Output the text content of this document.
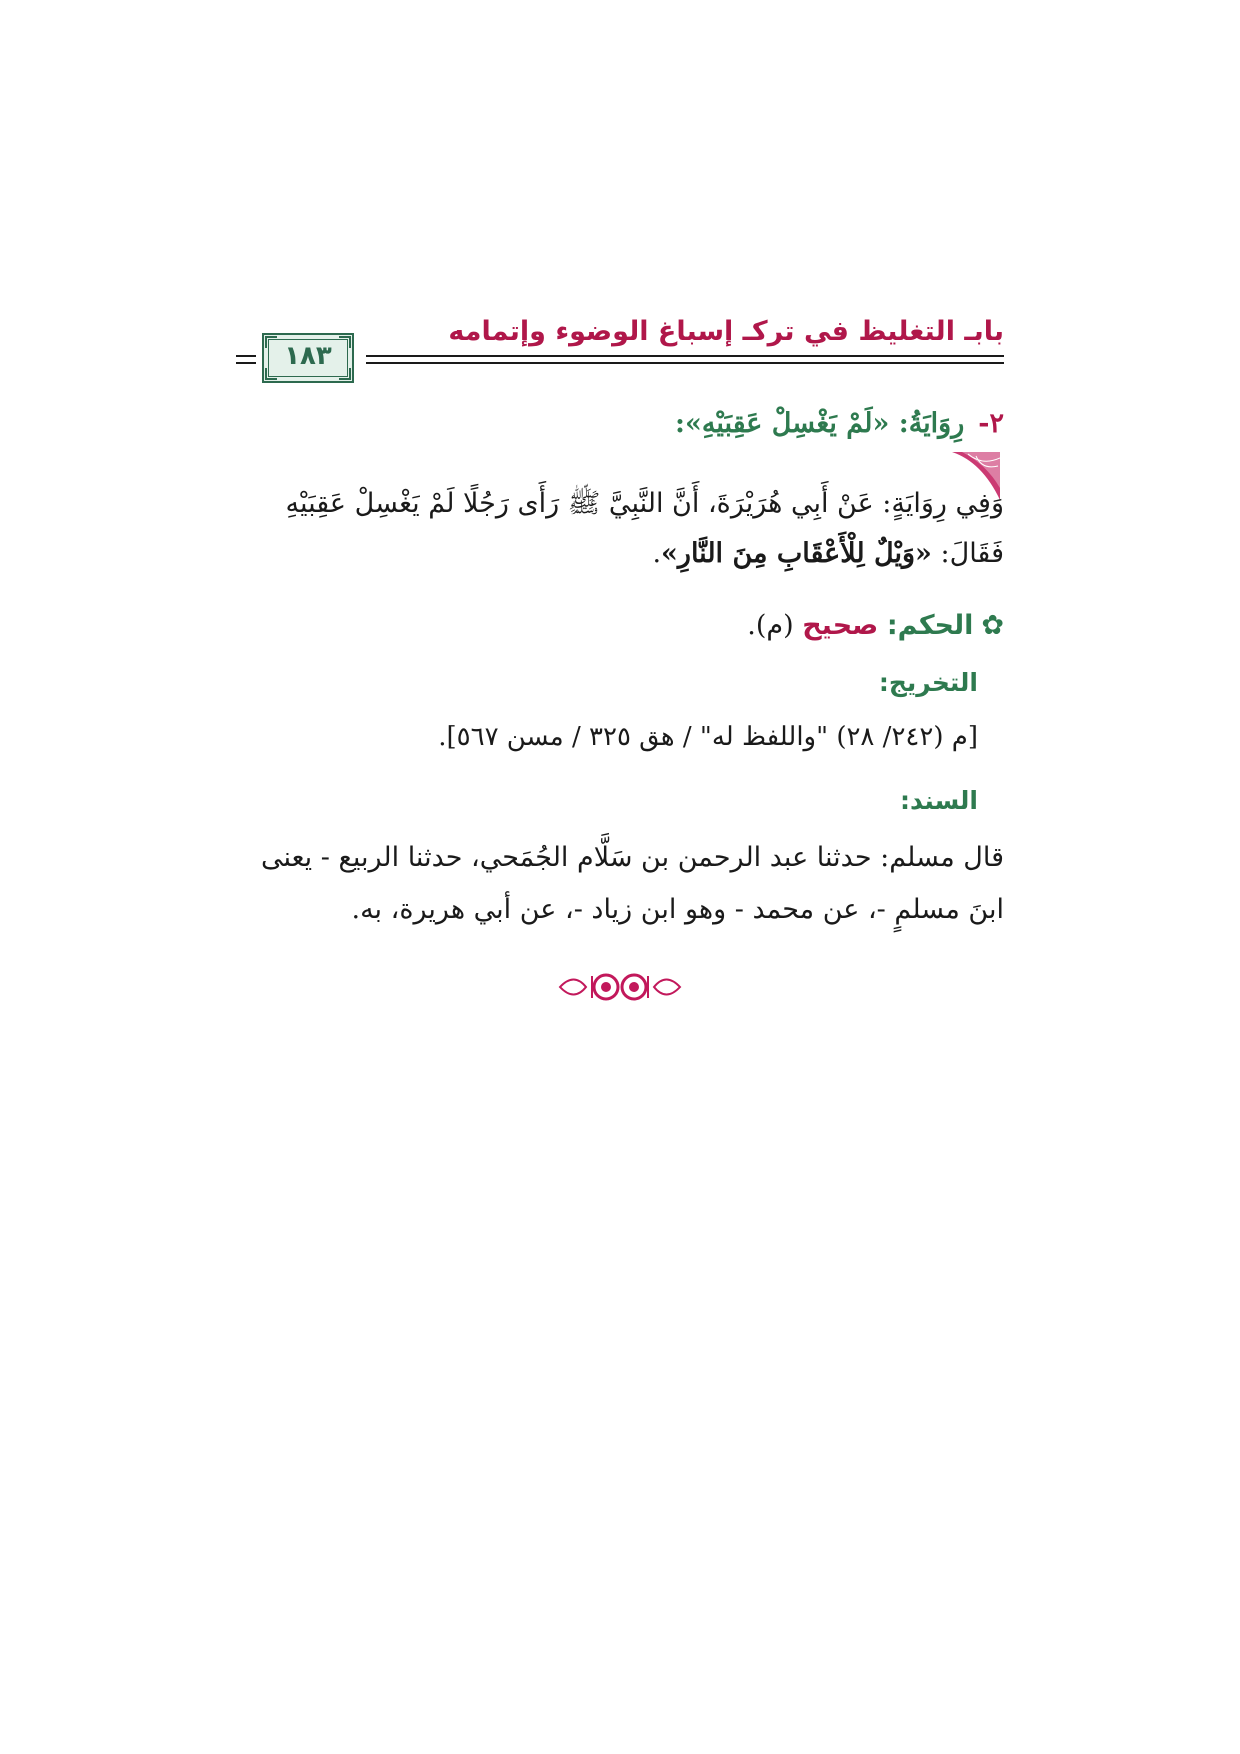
بابـ التغليظ في تركـ إسباغ الوضوء وإتمامه
١٨٣
٢-رِوَايَةُ: «لَمْ يَغْسِلْ عَقِبَيْهِ»:
وَفِي رِوَايَةٍ: عَنْ أَبِي هُرَيْرَةَ، أَنَّ النَّبِيَّ ﷺ رَأَى رَجُلًا لَمْ يَغْسِلْ عَقِبَيْهِ
فَقَالَ: «وَيْلٌ لِلْأَعْقَابِ مِنَ النَّارِ».
✿الحكم: صحيح (م).
التخريج:
[م (٢٤٢/ ٢٨) "واللفظ له" / هق ٣٢٥ / مسن ٥٦٧].
السند:
قال مسلم: حدثنا عبد الرحمن بن سَلَّام الجُمَحي، حدثنا الربيع - يعنى
ابنَ مسلمٍ -، عن محمد - وهو ابن زياد -، عن أبي هريرة، به.
